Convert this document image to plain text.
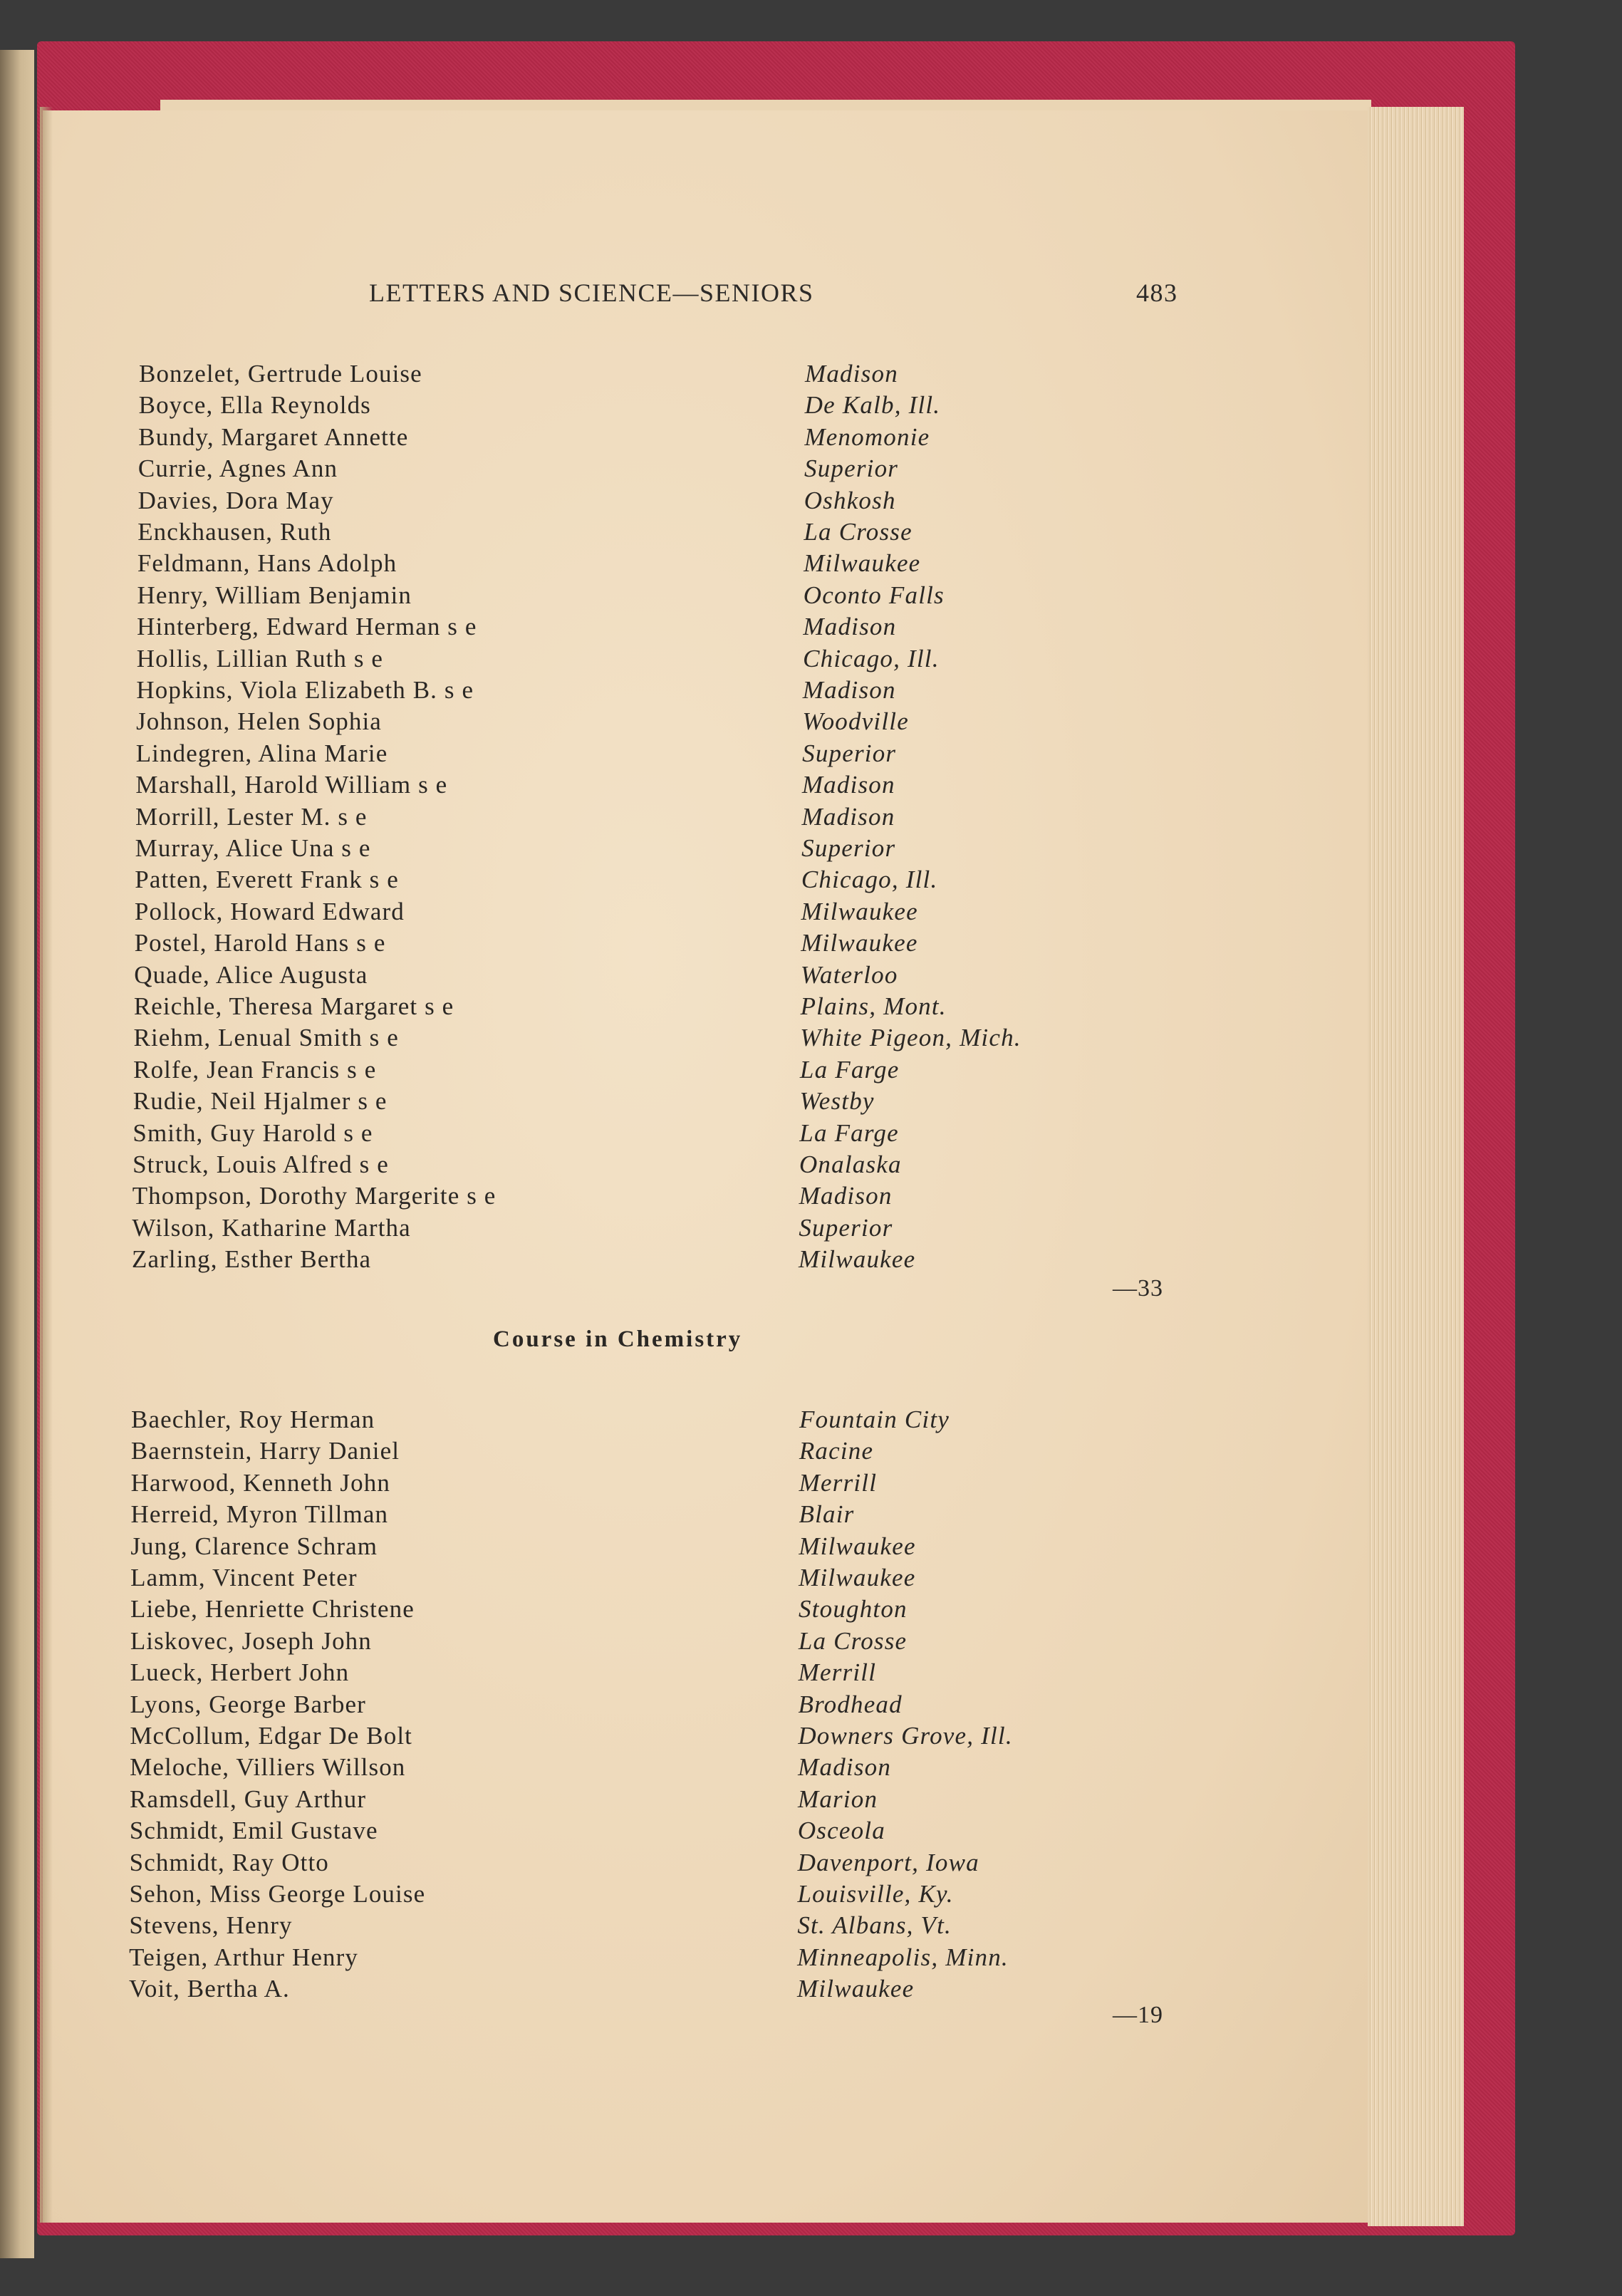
LETTERS AND SCIENCE—SENIORS	483
Bonzelet, Gertrude Louise	Madison
Boyce, Ella Reynolds	De Kalb, Ill.
Bundy, Margaret Annette	Menomonie
Currie, Agnes Ann	Superior
Davies, Dora May	Oshkosh
Enckhausen, Ruth	La Crosse
Feldmann, Hans Adolph	Milwaukee
Henry, William Benjamin	Oconto Falls
Hinterberg, Edward Herman s e	Madison
Hollis, Lillian Ruth s e	Chicago, Ill.
Hopkins, Viola Elizabeth B. s e	Madison
Johnson, Helen Sophia	Woodville
Lindegren, Alina Marie	Superior
Marshall, Harold William s e	Madison
Morrill, Lester M. s e	Madison
Murray, Alice Una s e	Superior
Patten, Everett Frank s e	Chicago, Ill.
Pollock, Howard Edward	Milwaukee
Postel, Harold Hans s e	Milwaukee
Quade, Alice Augusta	Waterloo
Reichle, Theresa Margaret s e	Plains, Mont.
Riehm, Lenual Smith s e	White Pigeon, Mich.
Rolfe, Jean Francis s e	La Farge
Rudie, Neil Hjalmer s e	Westby
Smith, Guy Harold s e	La Farge
Struck, Louis Alfred s e	Onalaska
Thompson, Dorothy Margerite s e	Madison
Wilson, Katharine Martha	Superior
Zarling, Esther Bertha	Milwaukee
—33
Course in Chemistry
Baechler, Roy Herman	Fountain City
Baernstein, Harry Daniel	Racine
Harwood, Kenneth John	Merrill
Herreid, Myron Tillman	Blair
Jung, Clarence Schram	Milwaukee
Lamm, Vincent Peter	Milwaukee
Liebe, Henriette Christene	Stoughton
Liskovec, Joseph John	La Crosse
Lueck, Herbert John	Merrill
Lyons, George Barber	Brodhead
McCollum, Edgar De Bolt	Downers Grove, Ill.
Meloche, Villiers Willson	Madison
Ramsdell, Guy Arthur	Marion
Schmidt, Emil Gustave	Osceola
Schmidt, Ray Otto	Davenport, Iowa
Sehon, Miss George Louise	Louisville, Ky.
Stevens, Henry	St. Albans, Vt.
Teigen, Arthur Henry	Minneapolis, Minn.
Voit, Bertha A.	Milwaukee
—19
